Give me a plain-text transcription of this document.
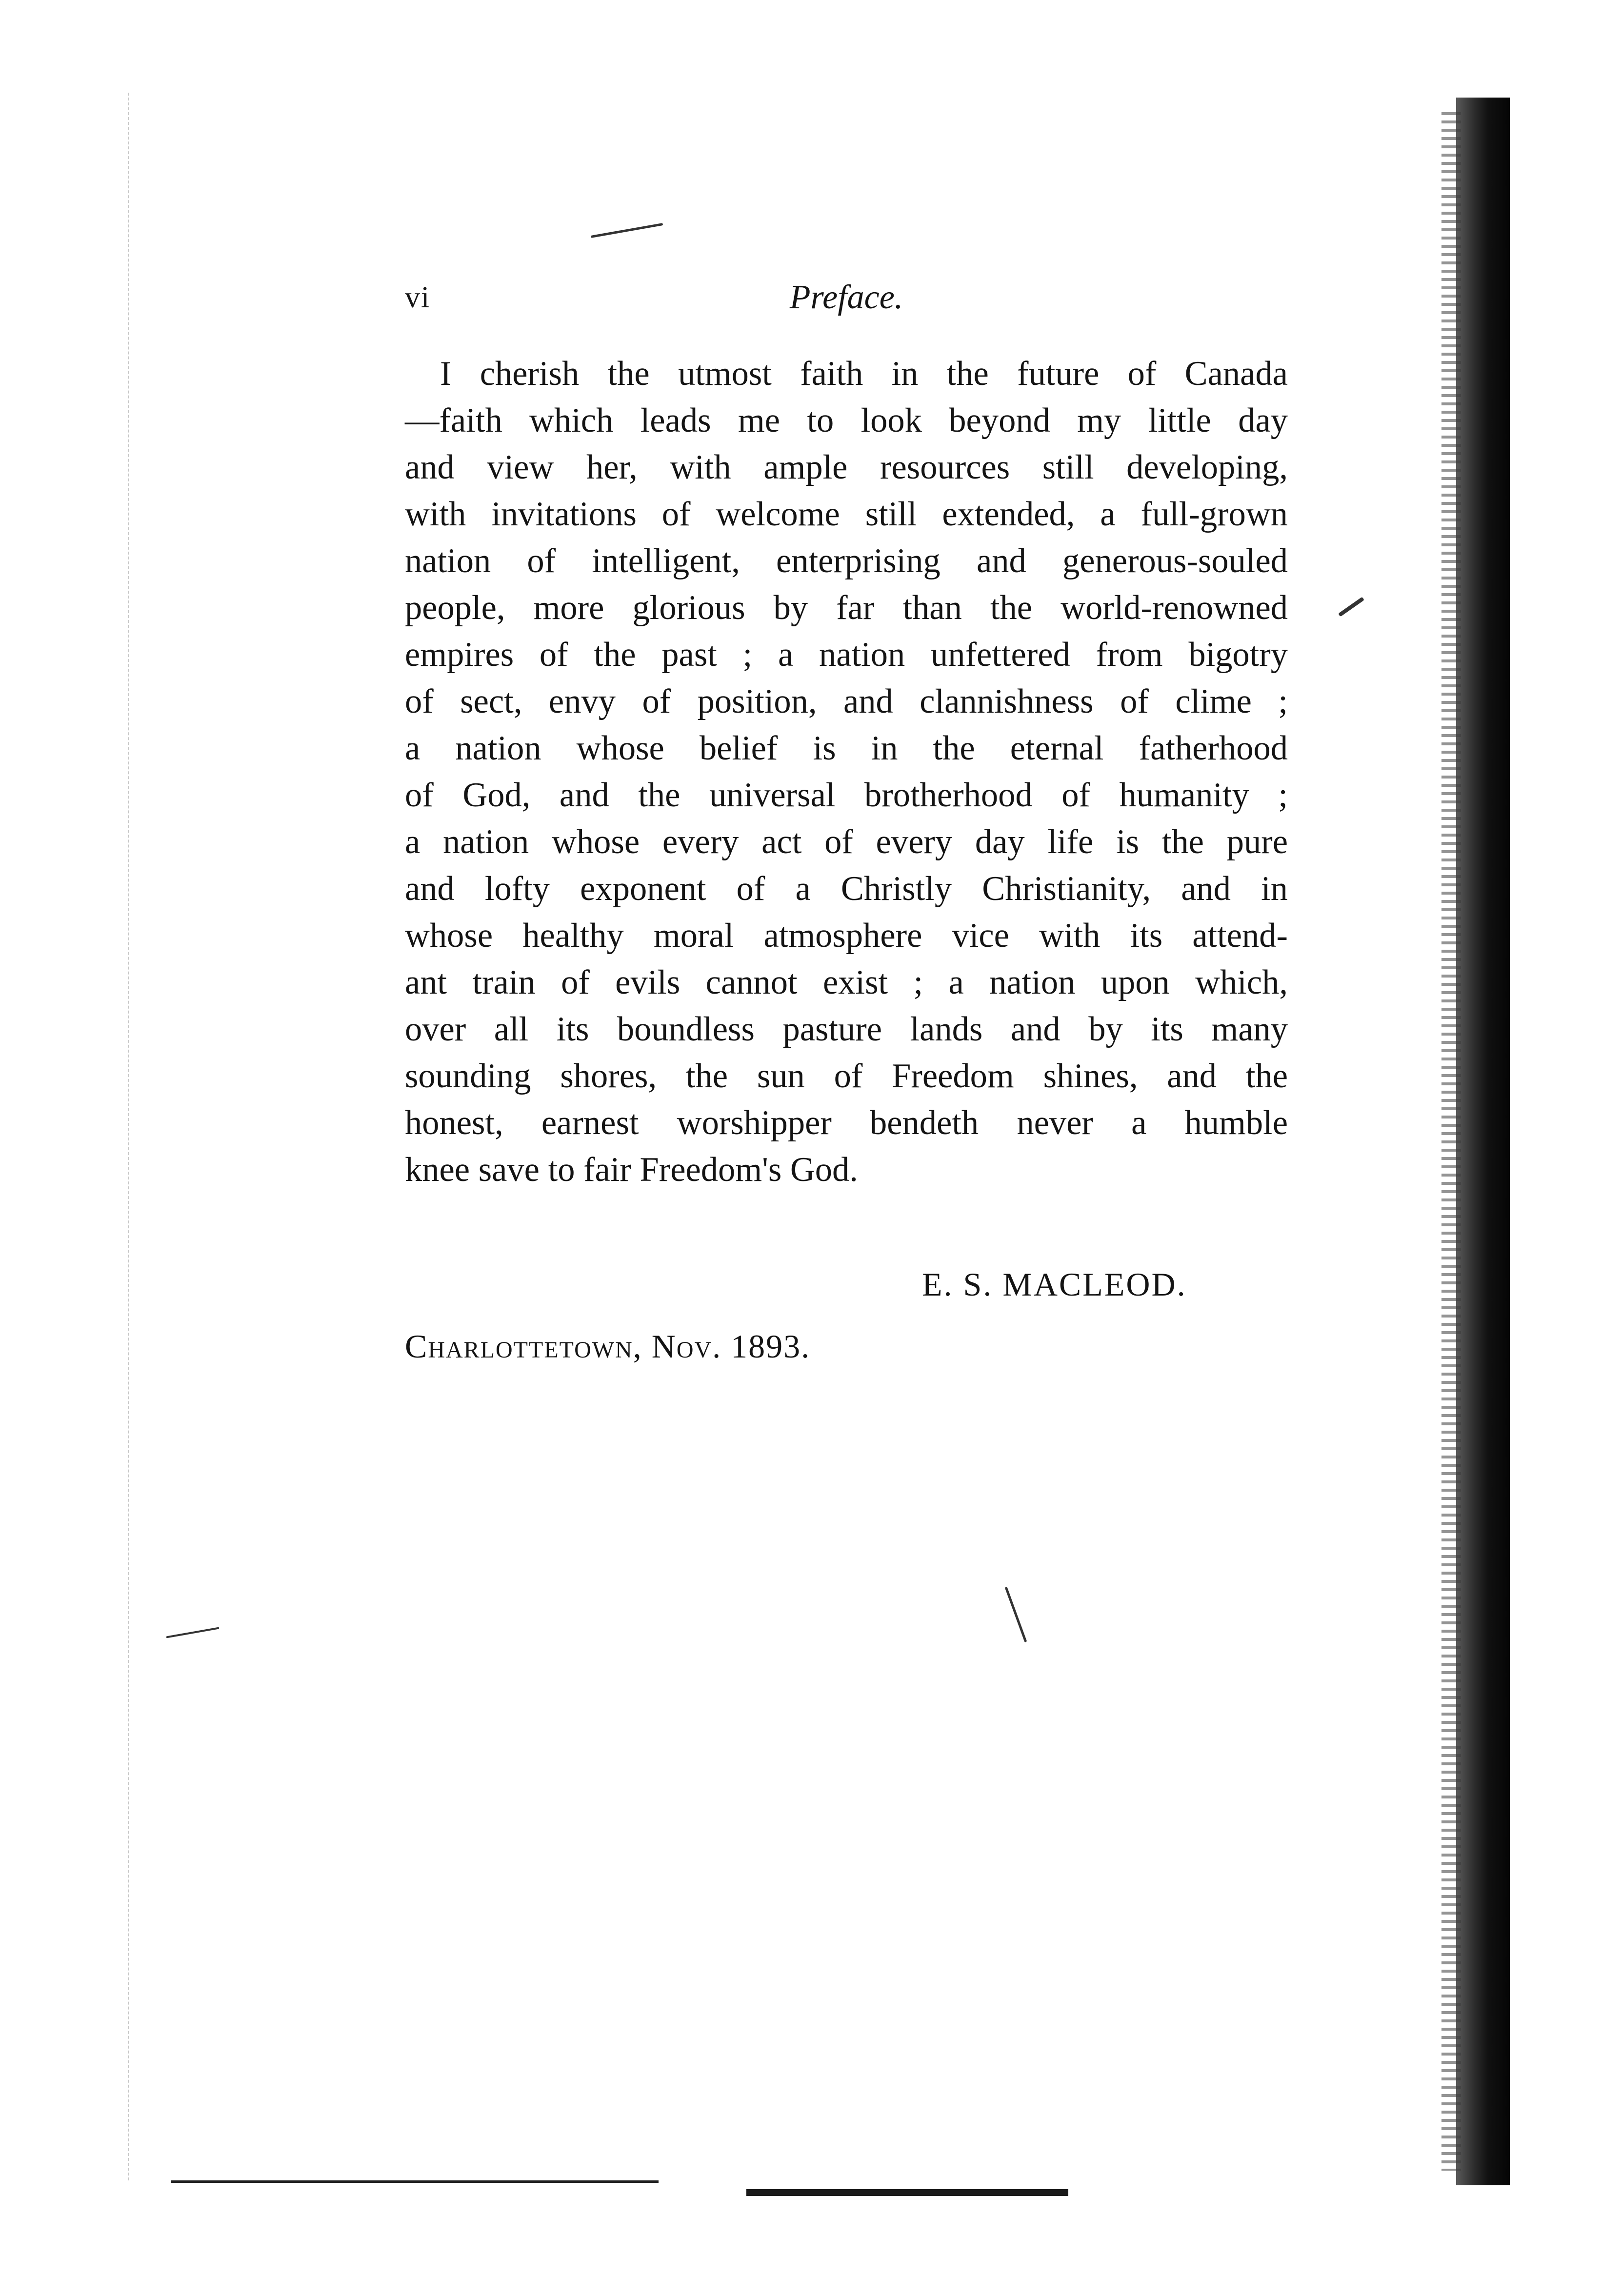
vi	Preface.
I cherish the utmost faith in the future of Canada
—faith which leads me to look beyond my little day
and view her, with ample resources still developing,
with invitations of welcome still extended, a full-grown
nation of intelligent, enterprising and generous-souled
people, more glorious by far than the world-renowned
empires of the past ; a nation unfettered from bigotry
of sect, envy of position, and clannishness of clime ;
a nation whose belief is in the eternal fatherhood
of God, and the universal brotherhood of humanity ;
a nation whose every act of every day life is the pure
and lofty exponent of a Christly Christianity, and in
whose healthy moral atmosphere vice with its attend-
ant train of evils cannot exist ; a nation upon which,
over all its boundless pasture lands and by its many
sounding shores, the sun of Freedom shines, and the
honest, earnest worshipper bendeth never a humble
knee save to fair Freedom's God.
E. S. MACLEOD.
Charlottetown, Nov. 1893.
